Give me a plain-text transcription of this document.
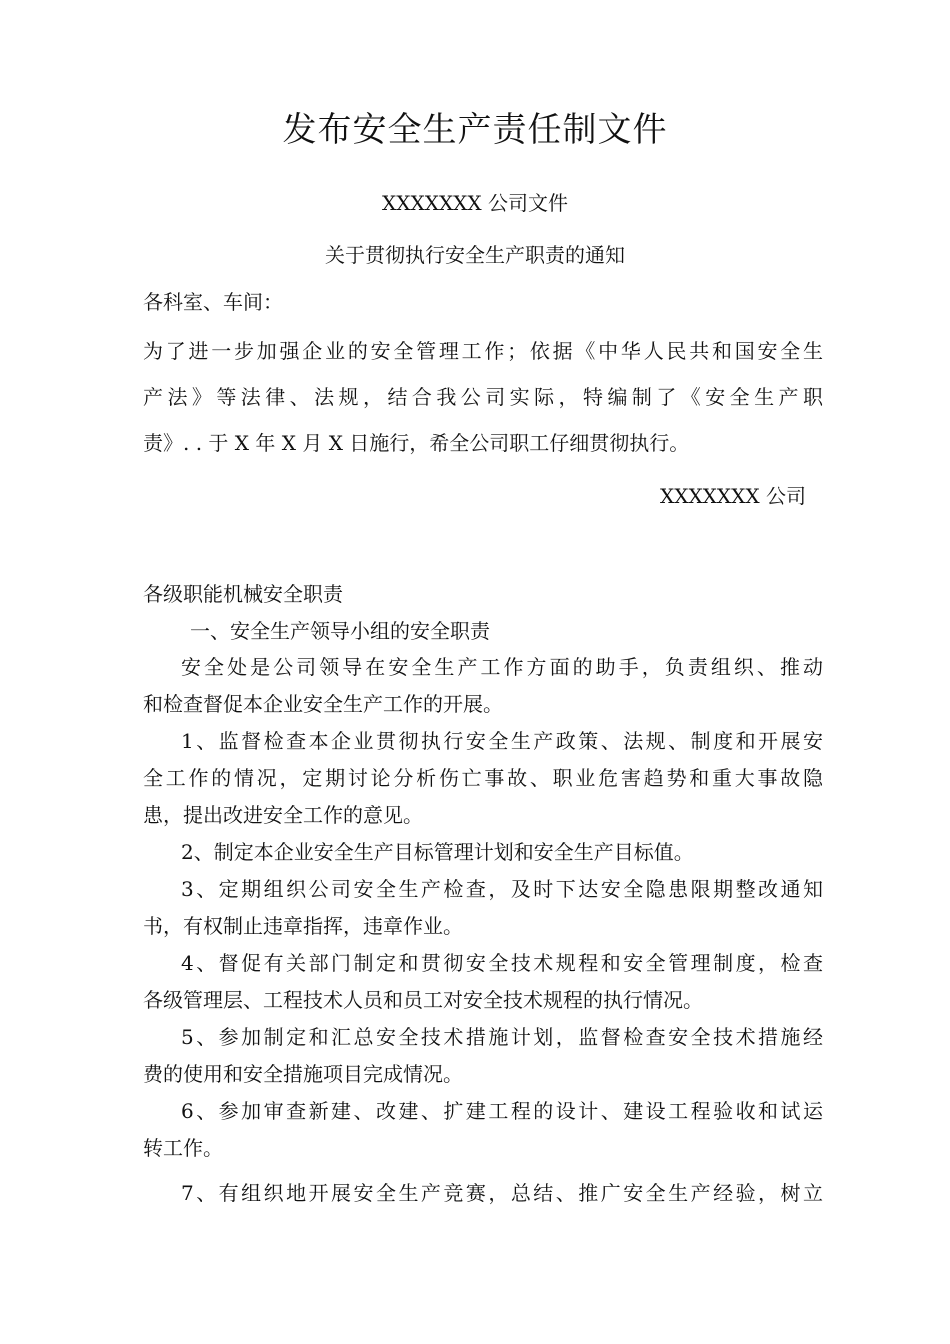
发布安全生产责任制文件
XXXXXXX 公司文件
关于贯彻执行安全生产职责的通知
各科室、车间：
为了进一步加强企业的安全管理工作；依据《中华人民共和国安全生
产法》等法律、法规，结合我公司实际，特编制了《安全生产职
责》. . 于 X 年 X 月 X 日施行，希全公司职工仔细贯彻执行。
XXXXXXX 公司
各级职能机械安全职责
一、安全生产领导小组的安全职责
安全处是公司领导在安全生产工作方面的助手，负责组织、推动
和检查督促本企业安全生产工作的开展。
1、监督检查本企业贯彻执行安全生产政策、法规、制度和开展安
全工作的情况，定期讨论分析伤亡事故、职业危害趋势和重大事故隐
患，提出改进安全工作的意见。
2、制定本企业安全生产目标管理计划和安全生产目标值。
3、定期组织公司安全生产检查，及时下达安全隐患限期整改通知
书，有权制止违章指挥，违章作业。
4、督促有关部门制定和贯彻安全技术规程和安全管理制度，检查
各级管理层、工程技术人员和员工对安全技术规程的执行情况。
5、参加制定和汇总安全技术措施计划，监督检查安全技术措施经
费的使用和安全措施项目完成情况。
6、参加审查新建、改建、扩建工程的设计、建设工程验收和试运
转工作。
7、有组织地开展安全生产竞赛，总结、推广安全生产经验，树立
